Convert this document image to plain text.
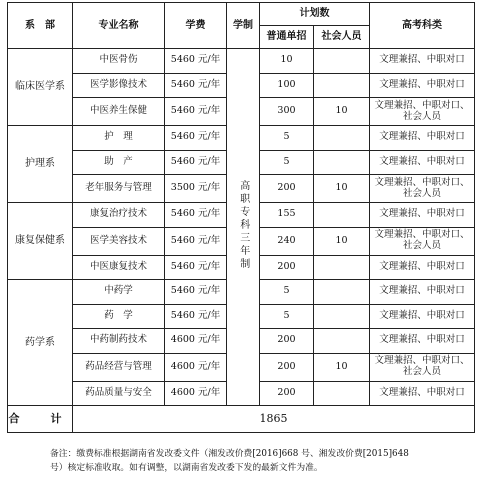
系　部	专业名称	学费	学制	计划数		高考科类
				普通单招	社会人员	
临床医学系	中医骨伤	5460 元/年	高职专科三年制	10		文理兼招、中职对口
	医学影像技术	5460 元/年		100		文理兼招、中职对口
	中医养生保健	5460 元/年		300	10	文理兼招、中职对口、社会人员
护理系	护　理	5460 元/年		5		文理兼招、中职对口
	助　产	5460 元/年		5		文理兼招、中职对口
	老年服务与管理	3500 元/年		200	10	文理兼招、中职对口、社会人员
康复保健系	康复治疗技术	5460 元/年		155		文理兼招、中职对口
	医学美容技术	5460 元/年		240	10	文理兼招、中职对口、社会人员
	中医康复技术	5460 元/年		200		文理兼招、中职对口
药学系	中药学	5460 元/年		5		文理兼招、中职对口
	药　学	5460 元/年		5		文理兼招、中职对口
	中药制药技术	4600 元/年		200		文理兼招、中职对口
	药品经营与管理	4600 元/年		200	10	文理兼招、中职对口、社会人员
	药品质量与安全	4600 元/年		200		文理兼招、中职对口
合　计	1865					
备注：缴费标准根据湖南省发改委文件（湘发改价费[2016]668 号、湘发改价费[2015]648
号）核定标准收取。如有调整，以湖南省发改委下发的最新文件为准。
